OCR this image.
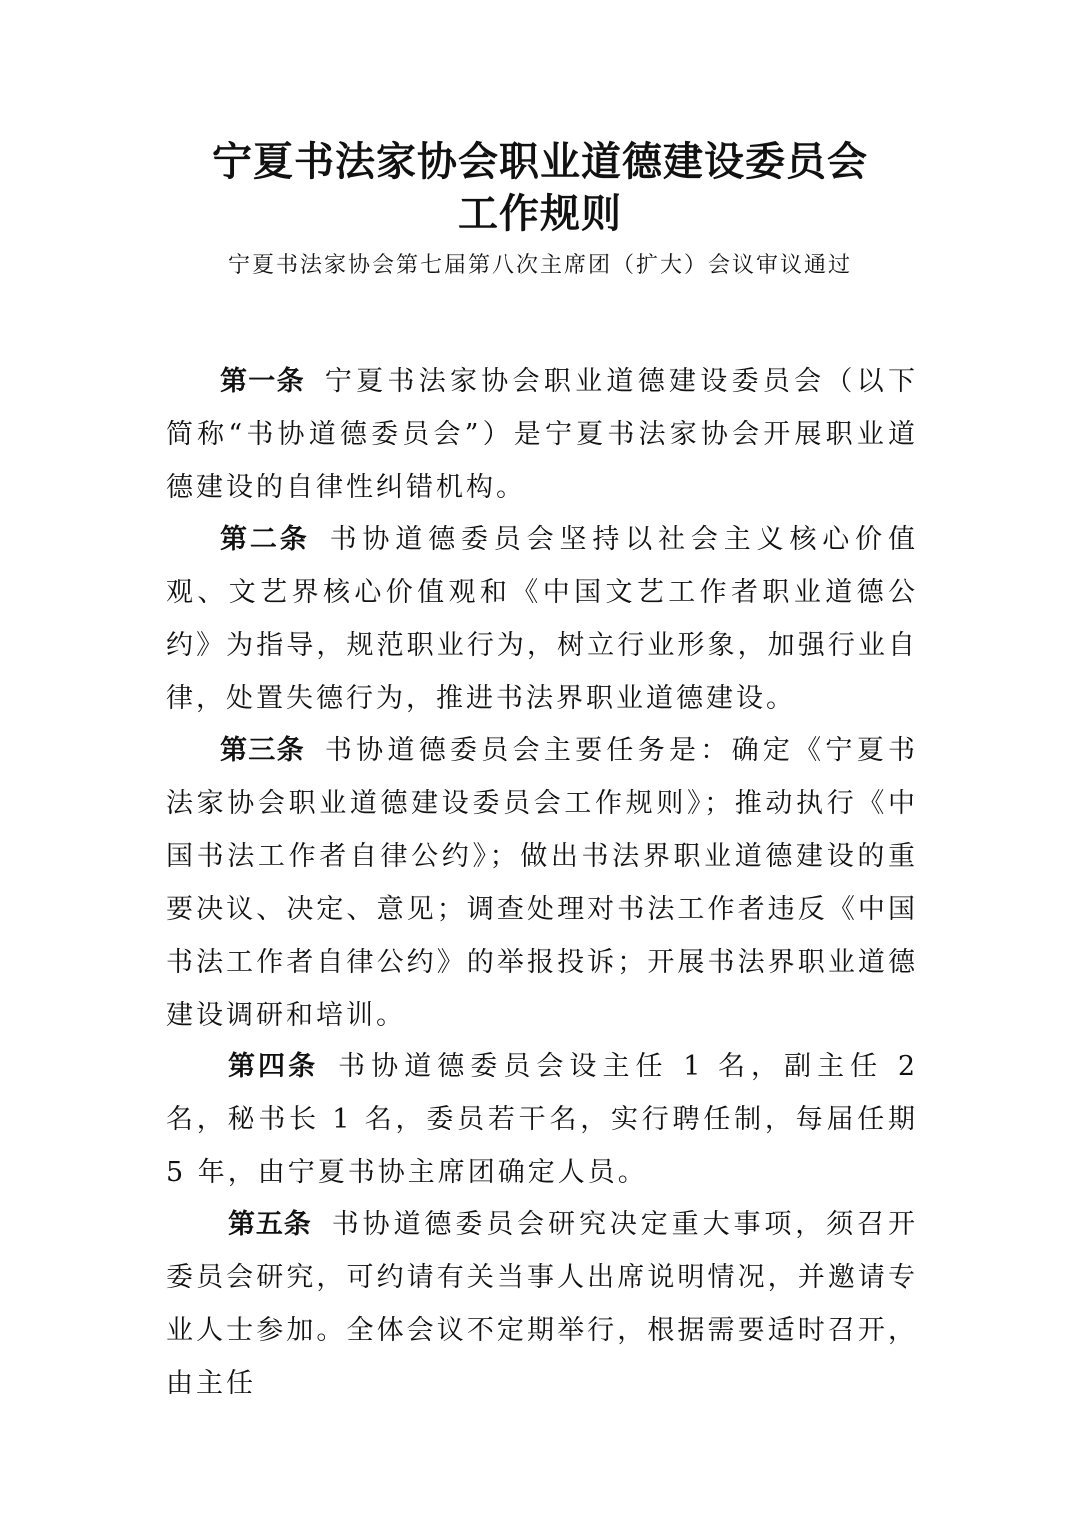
宁夏书法家协会职业道德建设委员会
工作规则
宁夏书法家协会第七届第八次主席团（扩大）会议审议通过

第一条 宁夏书法家协会职业道德建设委员会（以下简称“书协道德委员会”）是宁夏书法家协会开展职业道德建设的自律性纠错机构。

第二条 书协道德委员会坚持以社会主义核心价值观、文艺界核心价值观和《中国文艺工作者职业道德公约》为指导，规范职业行为，树立行业形象，加强行业自律，处置失德行为，推进书法界职业道德建设。

第三条 书协道德委员会主要任务是：确定《宁夏书法家协会职业道德建设委员会工作规则》；推动执行《中国书法工作者自律公约》；做出书法界职业道德建设的重要决议、决定、意见；调查处理对书法工作者违反《中国书法工作者自律公约》的举报投诉；开展书法界职业道德建设调研和培训。

第四条 书协道德委员会设主任 1 名，副主任 2 名，秘书长 1 名，委员若干名，实行聘任制，每届任期 5 年，由宁夏书协主席团确定人员。

第五条 书协道德委员会研究决定重大事项，须召开委员会研究，可约请有关当事人出席说明情况，并邀请专业人士参加。全体会议不定期举行，根据需要适时召开，由主任
